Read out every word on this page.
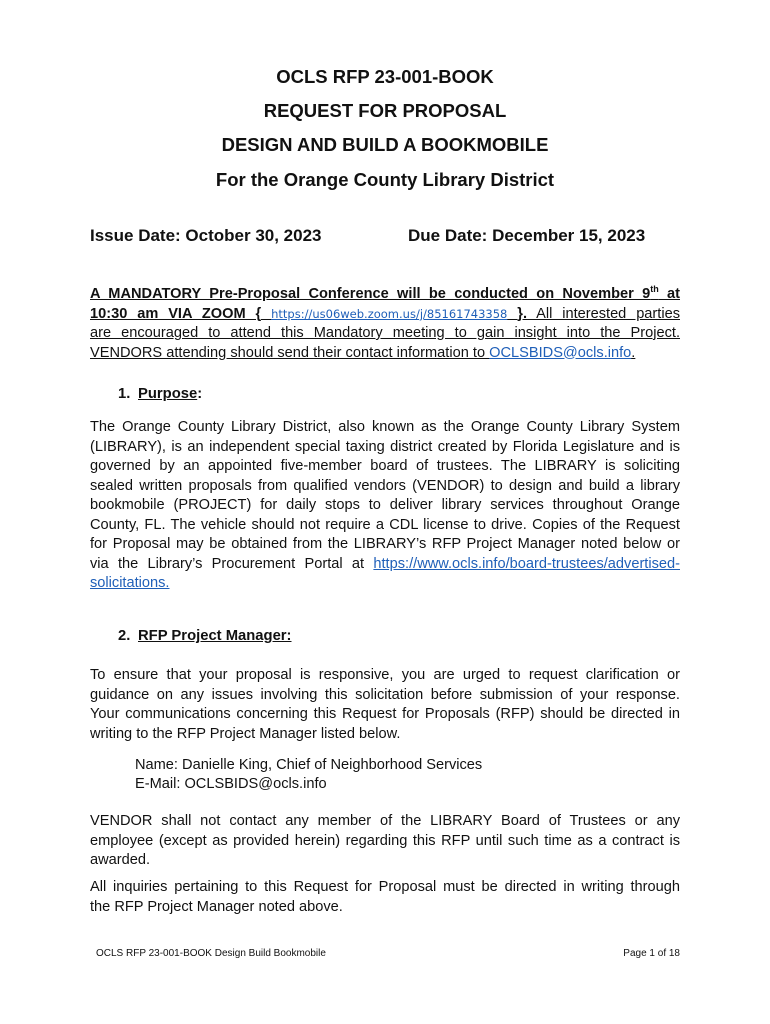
OCLS RFP 23-001-BOOK
REQUEST FOR PROPOSAL
DESIGN AND BUILD A BOOKMOBILE
For the Orange County Library District
Issue Date: October 30, 2023	Due Date: December 15, 2023
A MANDATORY Pre-Proposal Conference will be conducted on November 9th at
10:30 am VIA ZOOM { https://us06web.zoom.us/j/85161743358 }. All interested parties
are encouraged to attend this Mandatory meeting to gain insight into the Project.
VENDORS attending should send their contact information to OCLSBIDS@ocls.info.
1. Purpose:
The Orange County Library District, also known as the Orange County Library System
(LIBRARY), is an independent special taxing district created by Florida Legislature and is
governed by an appointed five-member board of trustees. The LIBRARY is soliciting
sealed written proposals from qualified vendors (VENDOR) to design and build a library
bookmobile (PROJECT) for daily stops to deliver library services throughout Orange
County, FL. The vehicle should not require a CDL license to drive. Copies of the Request
for Proposal may be obtained from the LIBRARY’s RFP Project Manager noted below or
via the Library’s Procurement Portal at https://www.ocls.info/board-trustees/advertised-
solicitations.
2. RFP Project Manager:
To ensure that your proposal is responsive, you are urged to request clarification or
guidance on any issues involving this solicitation before submission of your response.
Your communications concerning this Request for Proposals (RFP) should be directed in
writing to the RFP Project Manager listed below.
Name: Danielle King, Chief of Neighborhood Services
E-Mail: OCLSBIDS@ocls.info
VENDOR shall not contact any member of the LIBRARY Board of Trustees or any
employee (except as provided herein) regarding this RFP until such time as a contract is
awarded.
All inquiries pertaining to this Request for Proposal must be directed in writing through
the RFP Project Manager noted above.
OCLS RFP 23-001-BOOK Design Build Bookmobile	Page 1 of 18
